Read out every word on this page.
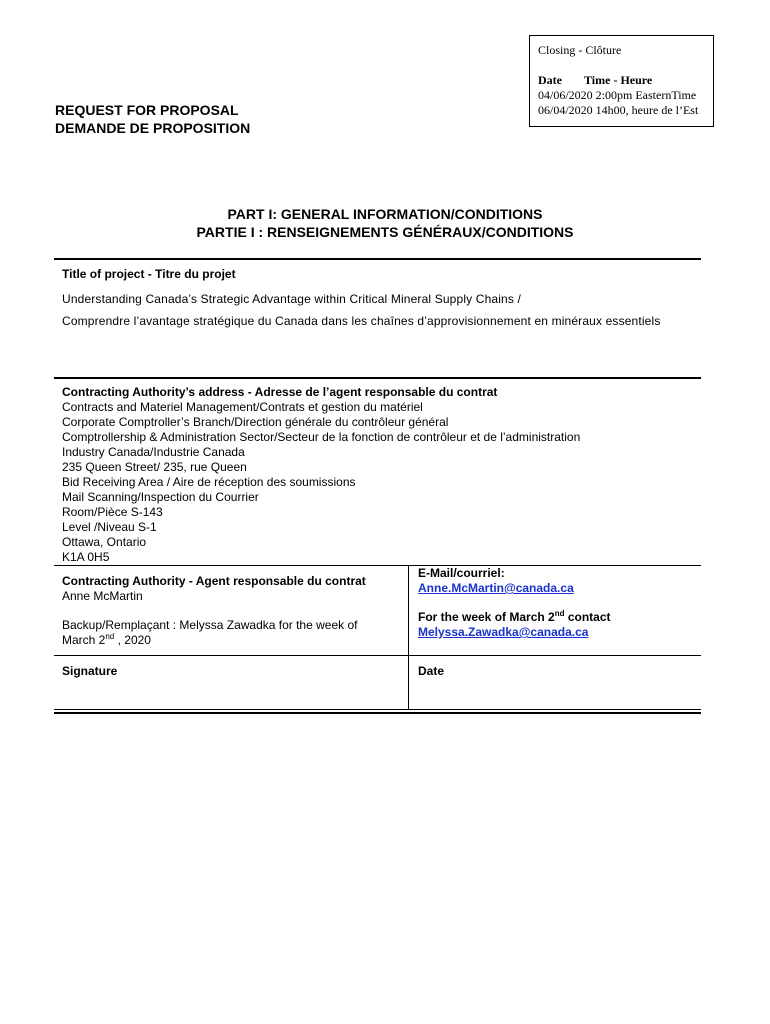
Closing - Clôture
Date Time - Heure
04/06/2020 2:00pm EasternTime
06/04/2020 14h00, heure de l’Est
REQUEST FOR PROPOSAL
DEMANDE DE PROPOSITION
PART I: GENERAL INFORMATION/CONDITIONS
PARTIE I : RENSEIGNEMENTS GÉNÉRAUX/CONDITIONS
Title of project - Titre du projet
Understanding Canada’s Strategic Advantage within Critical Mineral Supply Chains /
Comprendre l’avantage stratégique du Canada dans les chaînes d’approvisionnement en minéraux essentiels
Contracting Authority’s address - Adresse de l’agent responsable du contrat
Contracts and Materiel Management/Contrats et gestion du matériel
Corporate Comptroller’s Branch/Direction générale du contrôleur général
Comptrollership & Administration Sector/Secteur de la fonction de contrôleur et de l’administration
Industry Canada/Industrie Canada
235 Queen Street/ 235, rue Queen
Bid Receiving Area / Aire de réception des soumissions
Mail Scanning/Inspection du Courrier
Room/Pièce S-143
Level /Niveau S-1
Ottawa, Ontario
K1A 0H5
Contracting Authority - Agent responsable du contrat
Anne McMartin
Backup/Remplaçant : Melyssa Zawadka for the week of
March 2nd , 2020
E-Mail/courriel:
Anne.McMartin@canada.ca
For the week of March 2nd contact
Melyssa.Zawadka@canada.ca
Signature	Date
